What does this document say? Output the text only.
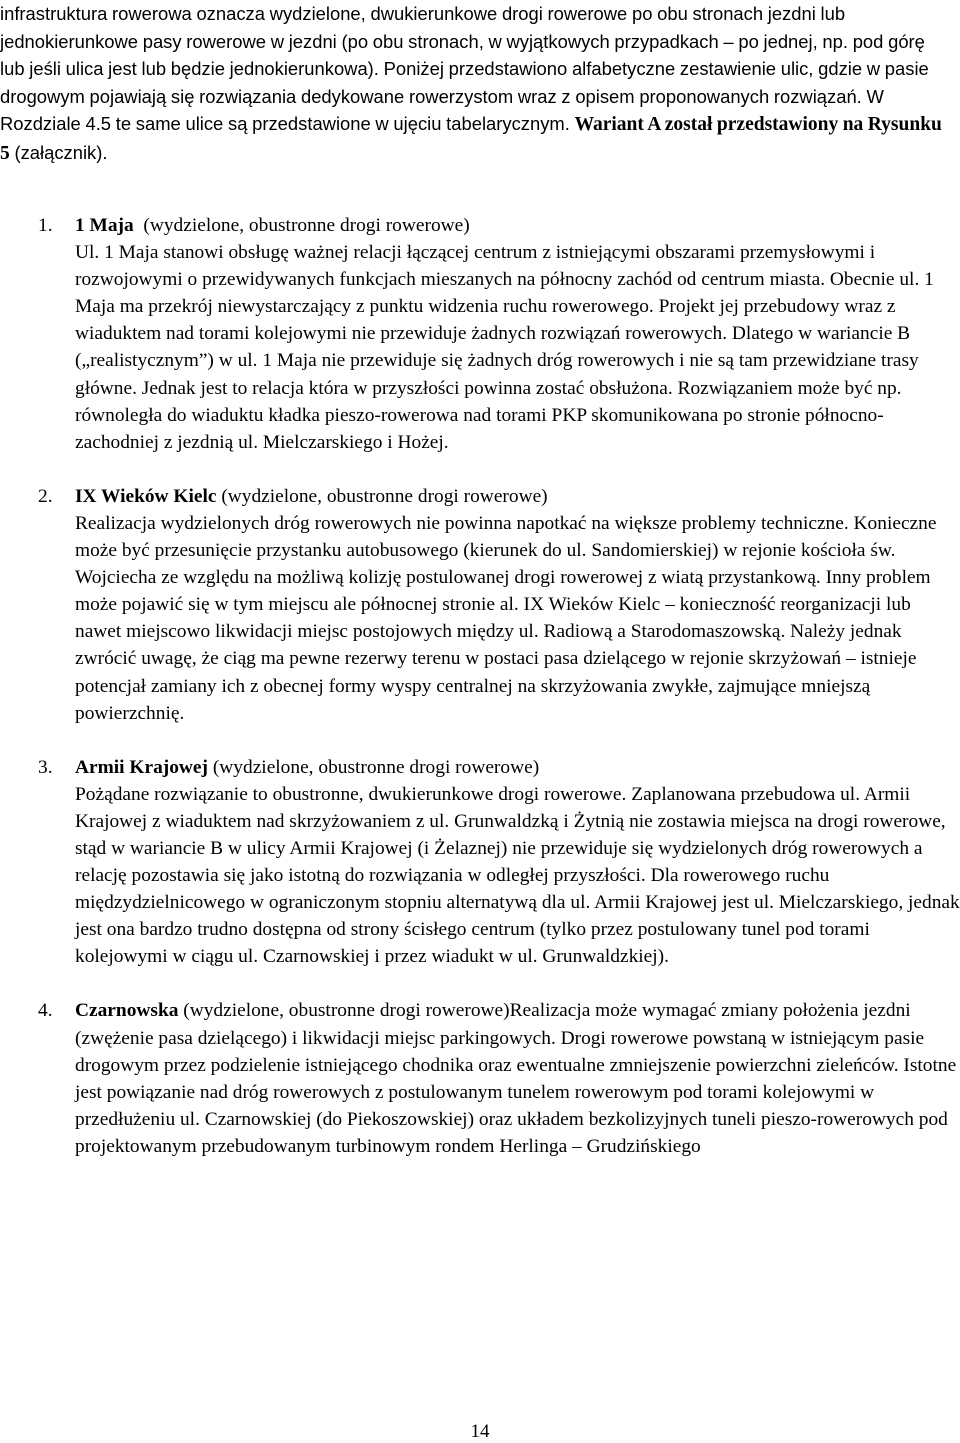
infrastruktura rowerowa oznacza wydzielone, dwukierunkowe drogi rowerowe po obu stronach jezdni lub jednokierunkowe pasy rowerowe w jezdni (po obu stronach, w wyjątkowych przypadkach – po jednej, np. pod górę lub jeśli ulica jest lub będzie jednokierunkowa). Poniżej przedstawiono alfabetyczne zestawienie ulic, gdzie w pasie drogowym pojawiają się rozwiązania dedykowane rowerzystom wraz z opisem proponowanych rozwiązań. W Rozdziale 4.5 te same ulice są przedstawione w ujęciu tabelarycznym. Wariant A został przedstawiony na Rysunku 5 (załącznik).
1. 1 Maja  (wydzielone, obustronne drogi rowerowe)
Ul. 1 Maja stanowi obsługę ważnej relacji łączącej centrum z istniejącymi obszarami przemysłowymi i rozwojowymi o przewidywanych funkcjach mieszanych na północny zachód od centrum miasta. Obecnie ul. 1 Maja ma przekrój niewystarczający z punktu widzenia ruchu rowerowego. Projekt jej przebudowy wraz z wiaduktem nad torami kolejowymi nie przewiduje żadnych rozwiązań rowerowych. Dlatego w wariancie B („realistycznym”) w ul. 1 Maja nie przewiduje się żadnych dróg rowerowych i nie są tam przewidziane trasy główne. Jednak jest to relacja która w przyszłości powinna zostać obsłużona. Rozwiązaniem może być np. równoległa do wiaduktu kładka pieszo-rowerowa nad torami PKP skomunikowana po stronie północno-zachodniej z jezdnią ul. Mielczarskiego i Hożej.
2. IX Wieków Kielc (wydzielone, obustronne drogi rowerowe)
Realizacja wydzielonych dróg rowerowych nie powinna napotkać na większe problemy techniczne. Konieczne może być przesunięcie przystanku autobusowego (kierunek do ul. Sandomierskiej) w rejonie kościoła św. Wojciecha ze względu na możliwą kolizję postulowanej drogi rowerowej z wiatą przystankową. Inny problem może pojawić się w tym miejscu ale północnej stronie al. IX Wieków Kielc – konieczność reorganizacji lub nawet miejscowo likwidacji miejsc postojowych między ul. Radiową a Starodomaszowską. Należy jednak zwrócić uwagę, że ciąg ma pewne rezerwy terenu w postaci pasa dzielącego w rejonie skrzyżowań – istnieje potencjał zamiany ich z obecnej formy wyspy centralnej na skrzyżowania zwykłe, zajmujące mniejszą powierzchnię.
3. Armii Krajowej (wydzielone, obustronne drogi rowerowe)
Pożądane rozwiązanie to obustronne, dwukierunkowe drogi rowerowe. Zaplanowana przebudowa ul. Armii Krajowej z wiaduktem nad skrzyżowaniem z ul. Grunwaldzką i Żytnią nie zostawia miejsca na drogi rowerowe, stąd w wariancie B w ulicy Armii Krajowej (i Żelaznej) nie przewiduje się wydzielonych dróg rowerowych a relację pozostawia się jako istotną do rozwiązania w odległej przyszłości. Dla rowerowego ruchu międzydzielnicowego w ograniczonym stopniu alternatywą dla ul. Armii Krajowej jest ul. Mielczarskiego, jednak jest ona bardzo trudno dostępna od strony ścisłego centrum (tylko przez postulowany tunel pod torami kolejowymi w ciągu ul. Czarnowskiej i przez wiadukt w ul. Grunwaldzkiej).
4. Czarnowska (wydzielone, obustronne drogi rowerowe)Realizacja może wymagać zmiany położenia jezdni (zwężenie pasa dzielącego) i likwidacji miejsc parkingowych. Drogi rowerowe powstaną w istniejącym pasie drogowym przez podzielenie istniejącego chodnika oraz ewentualne zmniejszenie powierzchni zieleńców. Istotne jest powiązanie nad dróg rowerowych z postulowanym tunelem rowerowym pod torami kolejowymi w przedłużeniu ul. Czarnowskiej (do Piekoszowskiej) oraz układem bezkolizyjnych tuneli pieszo-rowerowych pod projektowanym przebudowanym turbinowym rondem Herlinga – Grudzińskiego
14
